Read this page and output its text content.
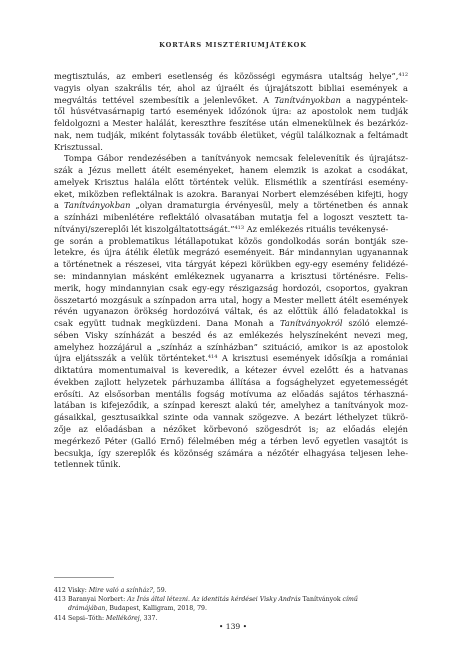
KORTÁRS MISZTÉRIUMJÁTÉKOK
megtisztulás, az emberi esetlenség és közösségi egymásra utaltság helye”,$^{412}$
vagyis olyan szakrális tér, ahol az újraélt és újrajátszott bibliai események a
megváltás tettével szembesítik a jelenlevőket. A Tanítványokban a nagypéntek-
től húsvétvasárnapig tartó események időzónok újra: az apostolok nem tudják
feldolgozni a Mester halálát, kereszthre feszítése után elmenekülnek és bezárkóz-
nak, nem tudják, miként folytassák tovább életüket, végül találkoznak a feltámadt
Krisztussal.
Tompa Gábor rendezésében a tanítványok nemcsak felelevenítik és újrajátsz-
szák a Jézus mellett átélt eseményeket, hanem elemzik is azokat a csodákat,
amelyek Krisztus halála előtt történtek velük. Elismétlik a szentírási esemény-
eket, miközben reflektálnak is azokra. Baranyai Norbert elemzésében kifejti, hogy
a Tanítványokban „olyan dramaturgia érvényesül, mely a történetben és annak
a színházi mibenlétére reflektáló olvasatában mutatja fel a logoszt vesztett ta-
nítványi/szereplői lét kiszolgáltatottságát.”$^{413}$ Az emlékezés rituális tevékenysé-
ge során a problematikus létállapotukat közös gondolkodás során bontják sze-
letekre, és újra átélik életük megrázó eseményeit. Bár mindannyian ugyanannak
a történetnek a részesei, vita tárgyát képezi körükben egy-egy esemény felidézé-
se: mindannyian másként emlékeznek ugyanarra a krisztusi történésre. Felis-
merik, hogy mindannyian csak egy-egy részigazság hordozói, csoportos, gyakran
összetartó mozgásuk a színpadon arra utal, hogy a Mester mellett átélt események
révén ugyanazon örökség hordozóivá váltak, és az előttük álló feladatokkal is
csak együtt tudnak megküzdeni. Dana Monah a Tanítványokról szóló elemzé-
sében Visky színházát a beszéd és az emlékezés helyszíneként nevezi meg,
amelyhez hozzájárul a „színház a színházban” szituáció, amikor is az apostolok
újra eljátsszák a velük történteket.$^{414}$ A krisztusi események idősíkja a romániai
diktatúra momentumaival is keveredik, a kétezer évvel ezelőtt és a hatvanas
években zajlott helyzetek párhuzamba állítása a fogsághelyzet egyetemességét
erősíti. Az elsősorban mentális fogság motívuma az előadás sajátos térhaszná-
latában is kifejeződik, a színpad kereszt alakú tér, amelyhez a tanítványok moz-
gásaikkal, gesztusaikkal szinte oda vannak szögezve. A bezárt léthelyzet tükrö-
zője az előadásban a nézőket körbevonó szögesdrót is; az előadás elején
megérkező Péter (Galló Ernő) félelmében még a térben levő egyetlen vasajtót is
becsukja, így szereplők és közönség számára a nézőtér elhagyása teljesen lehe-
tetlennek tűnik.
412 Visky: Mire való a színház?, 59.
413 Baranyai Norbert: Az Írás által létezni. Az identitás kérdései Visky András Tanítványok című
drámájában, Budapest, Kalligram, 2018, 79.
414 Sepsi–Tóth: Mellékörej, 337.
• 139 •
